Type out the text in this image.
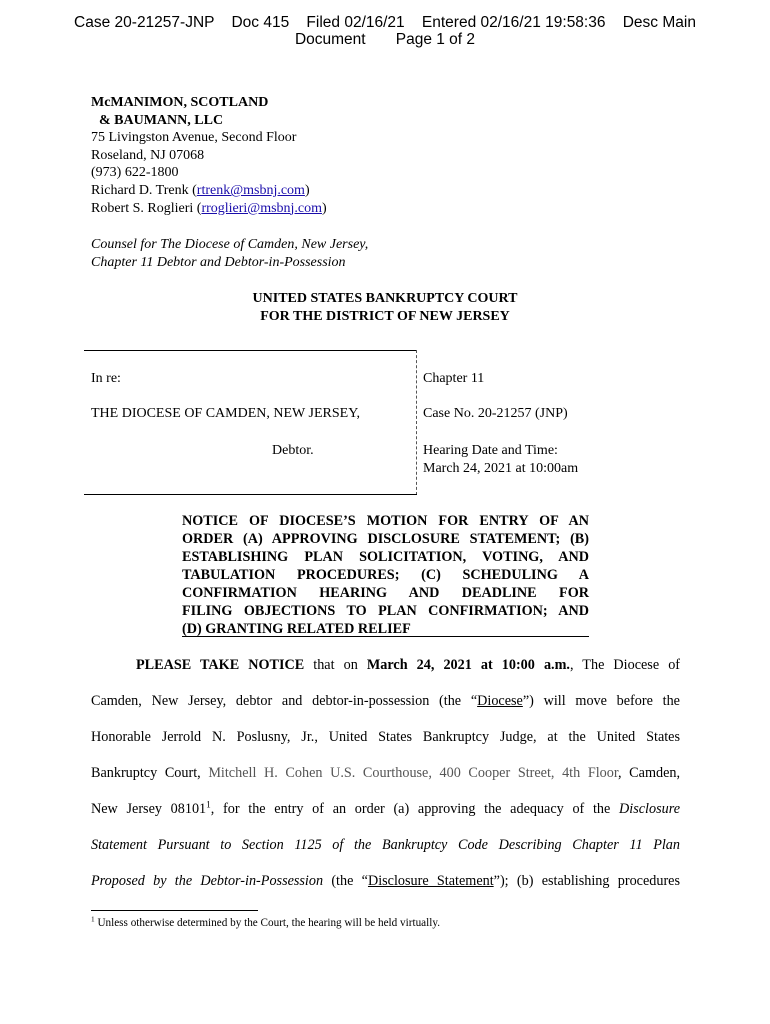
Case 20-21257-JNP Doc 415 Filed 02/16/21 Entered 02/16/21 19:58:36 Desc Main
Document Page 1 of 2
McMANIMON, SCOTLAND
& BAUMANN, LLC
75 Livingston Avenue, Second Floor
Roseland, NJ 07068
(973) 622-1800
Richard D. Trenk (rtrenk@msbnj.com)
Robert S. Roglieri (rroglieri@msbnj.com)
Counsel for The Diocese of Camden, New Jersey,
Chapter 11 Debtor and Debtor-in-Possession
UNITED STATES BANKRUPTCY COURT
FOR THE DISTRICT OF NEW JERSEY
In re:
THE DIOCESE OF CAMDEN, NEW JERSEY,
Debtor.
Chapter 11
Case No. 20-21257 (JNP)
Hearing Date and Time:
March 24, 2021 at 10:00am
NOTICE OF DIOCESE’S MOTION FOR ENTRY OF AN
ORDER (A) APPROVING DISCLOSURE STATEMENT; (B)
ESTABLISHING PLAN SOLICITATION, VOTING, AND
TABULATION PROCEDURES; (C) SCHEDULING A
CONFIRMATION HEARING AND DEADLINE FOR
FILING OBJECTIONS TO PLAN CONFIRMATION; AND
(D) GRANTING RELATED RELIEF
PLEASE TAKE NOTICE that on March 24, 2021 at 10:00 a.m., The Diocese of
Camden, New Jersey, debtor and debtor-in-possession (the “Diocese”) will move before the
Honorable Jerrold N. Poslusny, Jr., United States Bankruptcy Judge, at the United States
Bankruptcy Court, Mitchell H. Cohen U.S. Courthouse, 400 Cooper Street, 4th Floor, Camden,
New Jersey 08101$^1$, for the entry of an order (a) approving the adequacy of the Disclosure
Statement Pursuant to Section 1125 of the Bankruptcy Code Describing Chapter 11 Plan
Proposed by the Debtor-in-Possession (the “Disclosure Statement”); (b) establishing procedures
$^1$ Unless otherwise determined by the Court, the hearing will be held virtually.
